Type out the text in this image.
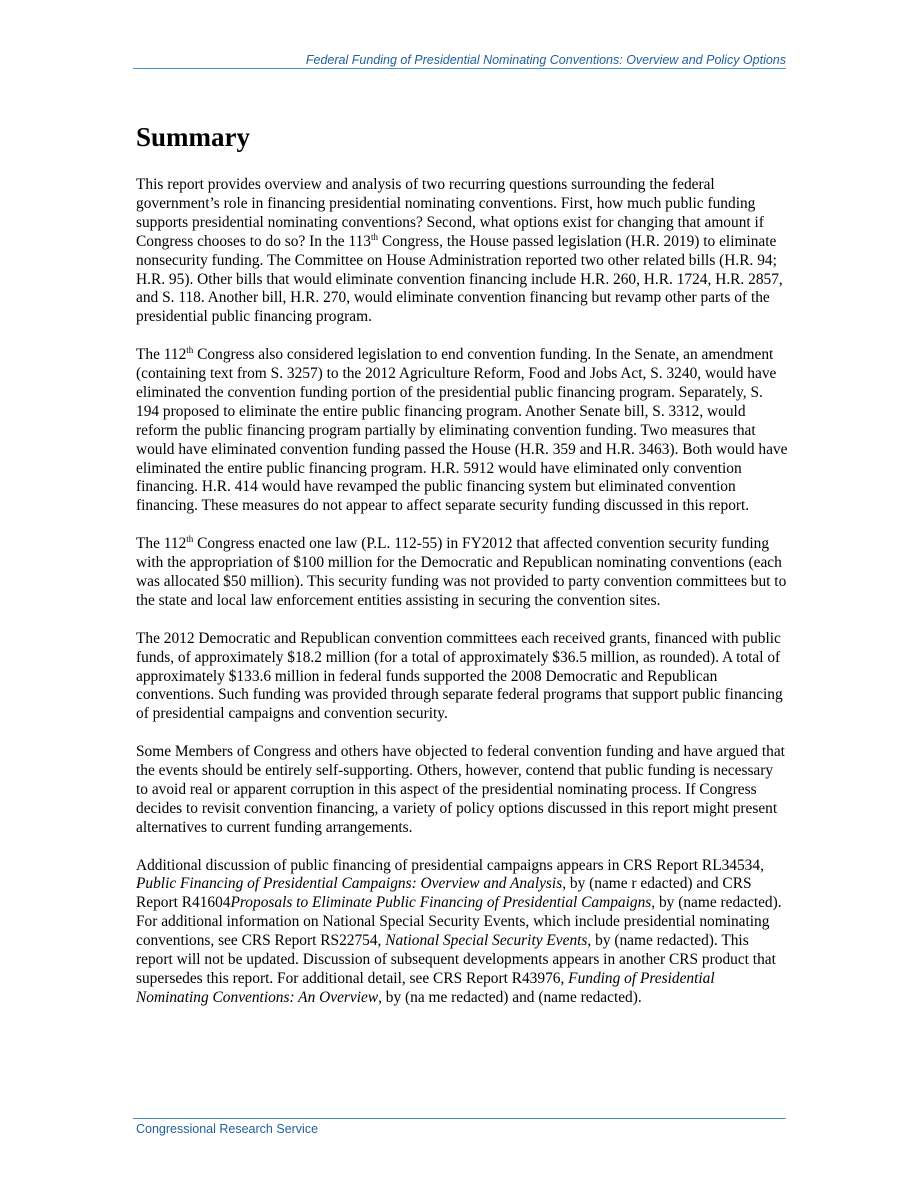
Federal Funding of Presidential Nominating Conventions: Overview and Policy Options
Summary

This report provides overview and analysis of two recurring questions surrounding the federal government’s role in financing presidential nominating conventions. First, how much public funding supports presidential nominating conventions? Second, what options exist for changing that amount if Congress chooses to do so? In the 113th Congress, the House passed legislation (H.R. 2019) to eliminate nonsecurity funding. The Committee on House Administration reported two other related bills (H.R. 94; H.R. 95). Other bills that would eliminate convention financing include H.R. 260, H.R. 1724, H.R. 2857, and S. 118. Another bill, H.R. 270, would eliminate convention financing but revamp other parts of the presidential public financing program.

The 112th Congress also considered legislation to end convention funding. In the Senate, an amendment (containing text from S. 3257) to the 2012 Agriculture Reform, Food and Jobs Act, S. 3240, would have eliminated the convention funding portion of the presidential public financing program. Separately, S. 194 proposed to eliminate the entire public financing program. Another Senate bill, S. 3312, would reform the public financing program partially by eliminating convention funding. Two measures that would have eliminated convention funding passed the House (H.R. 359 and H.R. 3463). Both would have eliminated the entire public financing program. H.R. 5912 would have eliminated only convention financing. H.R. 414 would have revamped the public financing system but eliminated convention financing. These measures do not appear to affect separate security funding discussed in this report.

The 112th Congress enacted one law (P.L. 112-55) in FY2012 that affected convention security funding with the appropriation of $100 million for the Democratic and Republican nominating conventions (each was allocated $50 million). This security funding was not provided to party convention committees but to the state and local law enforcement entities assisting in securing the convention sites.

The 2012 Democratic and Republican convention committees each received grants, financed with public funds, of approximately $18.2 million (for a total of approximately $36.5 million, as rounded). A total of approximately $133.6 million in federal funds supported the 2008 Democratic and Republican conventions. Such funding was provided through separate federal programs that support public financing of presidential campaigns and convention security.

Some Members of Congress and others have objected to federal convention funding and have argued that the events should be entirely self-supporting. Others, however, contend that public funding is necessary to avoid real or apparent corruption in this aspect of the presidential nominating process. If Congress decides to revisit convention financing, a variety of policy options discussed in this report might present alternatives to current funding arrangements.

Additional discussion of public financing of presidential campaigns appears in CRS Report RL34534, Public Financing of Presidential Campaigns: Overview and Analysis, by (name r edacted) and CRS Report R41604Proposals to Eliminate Public Financing of Presidential Campaigns, by (name redacted). For additional information on National Special Security Events, which include presidential nominating conventions, see CRS Report RS22754, National Special Security Events, by (name redacted). This report will not be updated. Discussion of subsequent developments appears in another CRS product that supersedes this report. For additional detail, see CRS Report R43976, Funding of Presidential Nominating Conventions: An Overview, by (na me redacted) and (name redacted).

Congressional Research Service
